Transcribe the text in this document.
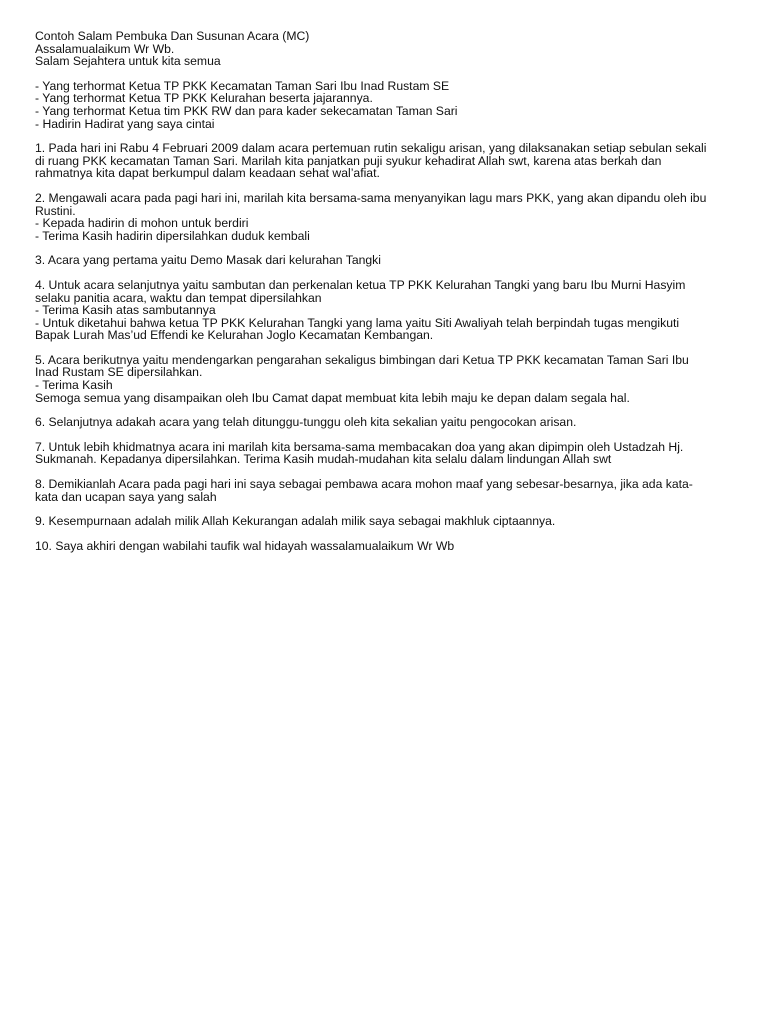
Contoh Salam Pembuka Dan Susunan Acara (MC)
Assalamualaikum Wr Wb.
Salam Sejahtera untuk kita semua
- Yang terhormat Ketua TP PKK Kecamatan Taman Sari Ibu Inad Rustam SE
- Yang terhormat Ketua TP PKK Kelurahan beserta jajarannya.
- Yang terhormat Ketua tim PKK RW dan para kader sekecamatan Taman Sari
- Hadirin Hadirat yang saya cintai
1. Pada hari ini Rabu 4 Februari 2009 dalam acara pertemuan rutin sekaligu arisan, yang dilaksanakan setiap sebulan sekali
di ruang PKK kecamatan Taman Sari. Marilah kita panjatkan puji syukur kehadirat Allah swt, karena atas berkah dan
rahmatnya kita dapat berkumpul dalam keadaan sehat wal’afiat.
2. Mengawali acara pada pagi hari ini, marilah kita bersama-sama menyanyikan lagu mars PKK, yang akan dipandu oleh ibu
Rustini.
- Kepada hadirin di mohon untuk berdiri
- Terima Kasih hadirin dipersilahkan duduk kembali
3. Acara yang pertama yaitu Demo Masak dari kelurahan Tangki
4. Untuk acara selanjutnya yaitu sambutan dan perkenalan ketua TP PKK Kelurahan Tangki yang baru Ibu Murni Hasyim
selaku panitia acara, waktu dan tempat dipersilahkan
- Terima Kasih atas sambutannya
- Untuk diketahui bahwa ketua TP PKK Kelurahan Tangki yang lama yaitu Siti Awaliyah telah berpindah tugas mengikuti
Bapak Lurah Mas’ud Effendi ke Kelurahan Joglo Kecamatan Kembangan.
5. Acara berikutnya yaitu mendengarkan pengarahan sekaligus bimbingan dari Ketua TP PKK kecamatan Taman Sari Ibu
Inad Rustam SE dipersilahkan.
- Terima Kasih
Semoga semua yang disampaikan oleh Ibu Camat dapat membuat kita lebih maju ke depan dalam segala hal.
6. Selanjutnya adakah acara yang telah ditunggu-tunggu oleh kita sekalian yaitu pengocokan arisan.
7. Untuk lebih khidmatnya acara ini marilah kita bersama-sama membacakan doa yang akan dipimpin oleh Ustadzah Hj.
Sukmanah. Kepadanya dipersilahkan. Terima Kasih mudah-mudahan kita selalu dalam lindungan Allah swt
8. Demikianlah Acara pada pagi hari ini saya sebagai pembawa acara mohon maaf yang sebesar-besarnya, jika ada kata-
kata dan ucapan saya yang salah
9. Kesempurnaan adalah milik Allah Kekurangan adalah milik saya sebagai makhluk ciptaannya.
10. Saya akhiri dengan wabilahi taufik wal hidayah wassalamualaikum Wr Wb
